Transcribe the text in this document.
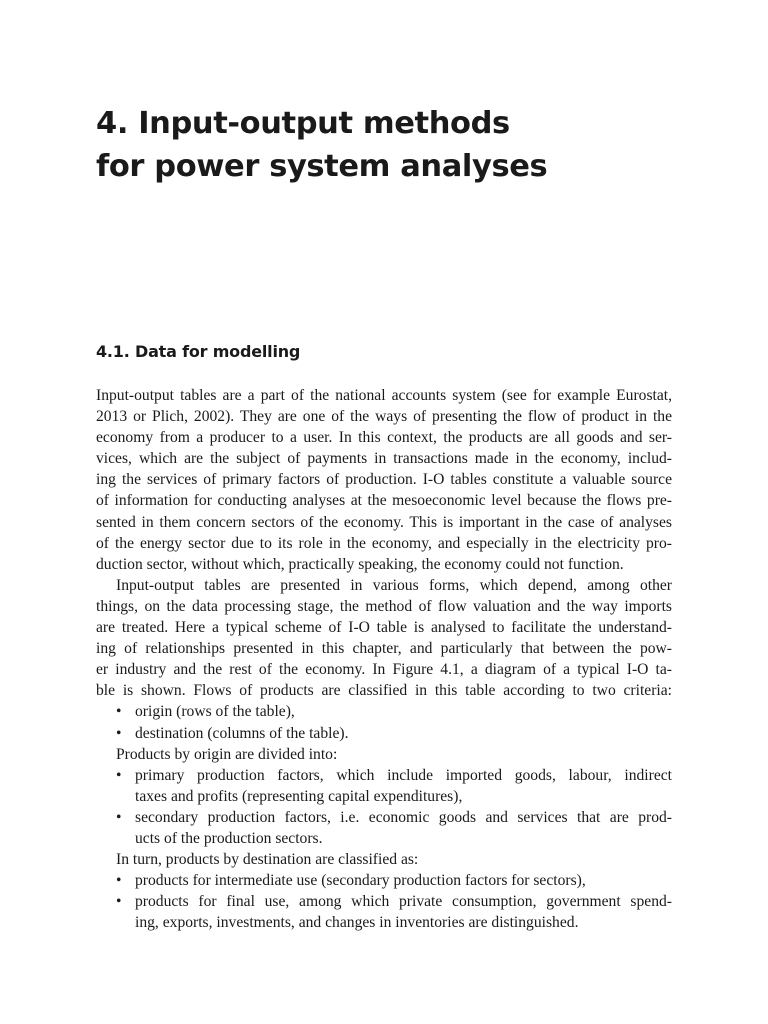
4. Input-output methods
for power system analyses
4.1. Data for modelling
Input-output tables are a part of the national accounts system (see for example Eurostat,
2013 or Plich, 2002). They are one of the ways of presenting the flow of product in the
economy from a producer to a user. In this context, the products are all goods and ser-
vices, which are the subject of payments in transactions made in the economy, includ-
ing the services of primary factors of production. I-O tables constitute a valuable source
of information for conducting analyses at the mesoeconomic level because the flows pre-
sented in them concern sectors of the economy. This is important in the case of analyses
of the energy sector due to its role in the economy, and especially in the electricity pro-
duction sector, without which, practically speaking, the economy could not function.
Input-output tables are presented in various forms, which depend, among other
things, on the data processing stage, the method of flow valuation and the way imports
are treated. Here a typical scheme of I-O table is analysed to facilitate the understand-
ing of relationships presented in this chapter, and particularly that between the pow-
er industry and the rest of the economy. In Figure 4.1, a diagram of a typical I-O ta-
ble is shown. Flows of products are classified in this table according to two criteria:
• origin (rows of the table),
• destination (columns of the table).
Products by origin are divided into:
• primary production factors, which include imported goods, labour, indirect
taxes and profits (representing capital expenditures),
• secondary production factors, i.e. economic goods and services that are prod-
ucts of the production sectors.
In turn, products by destination are classified as:
• products for intermediate use (secondary production factors for sectors),
• products for final use, among which private consumption, government spend-
ing, exports, investments, and changes in inventories are distinguished.
